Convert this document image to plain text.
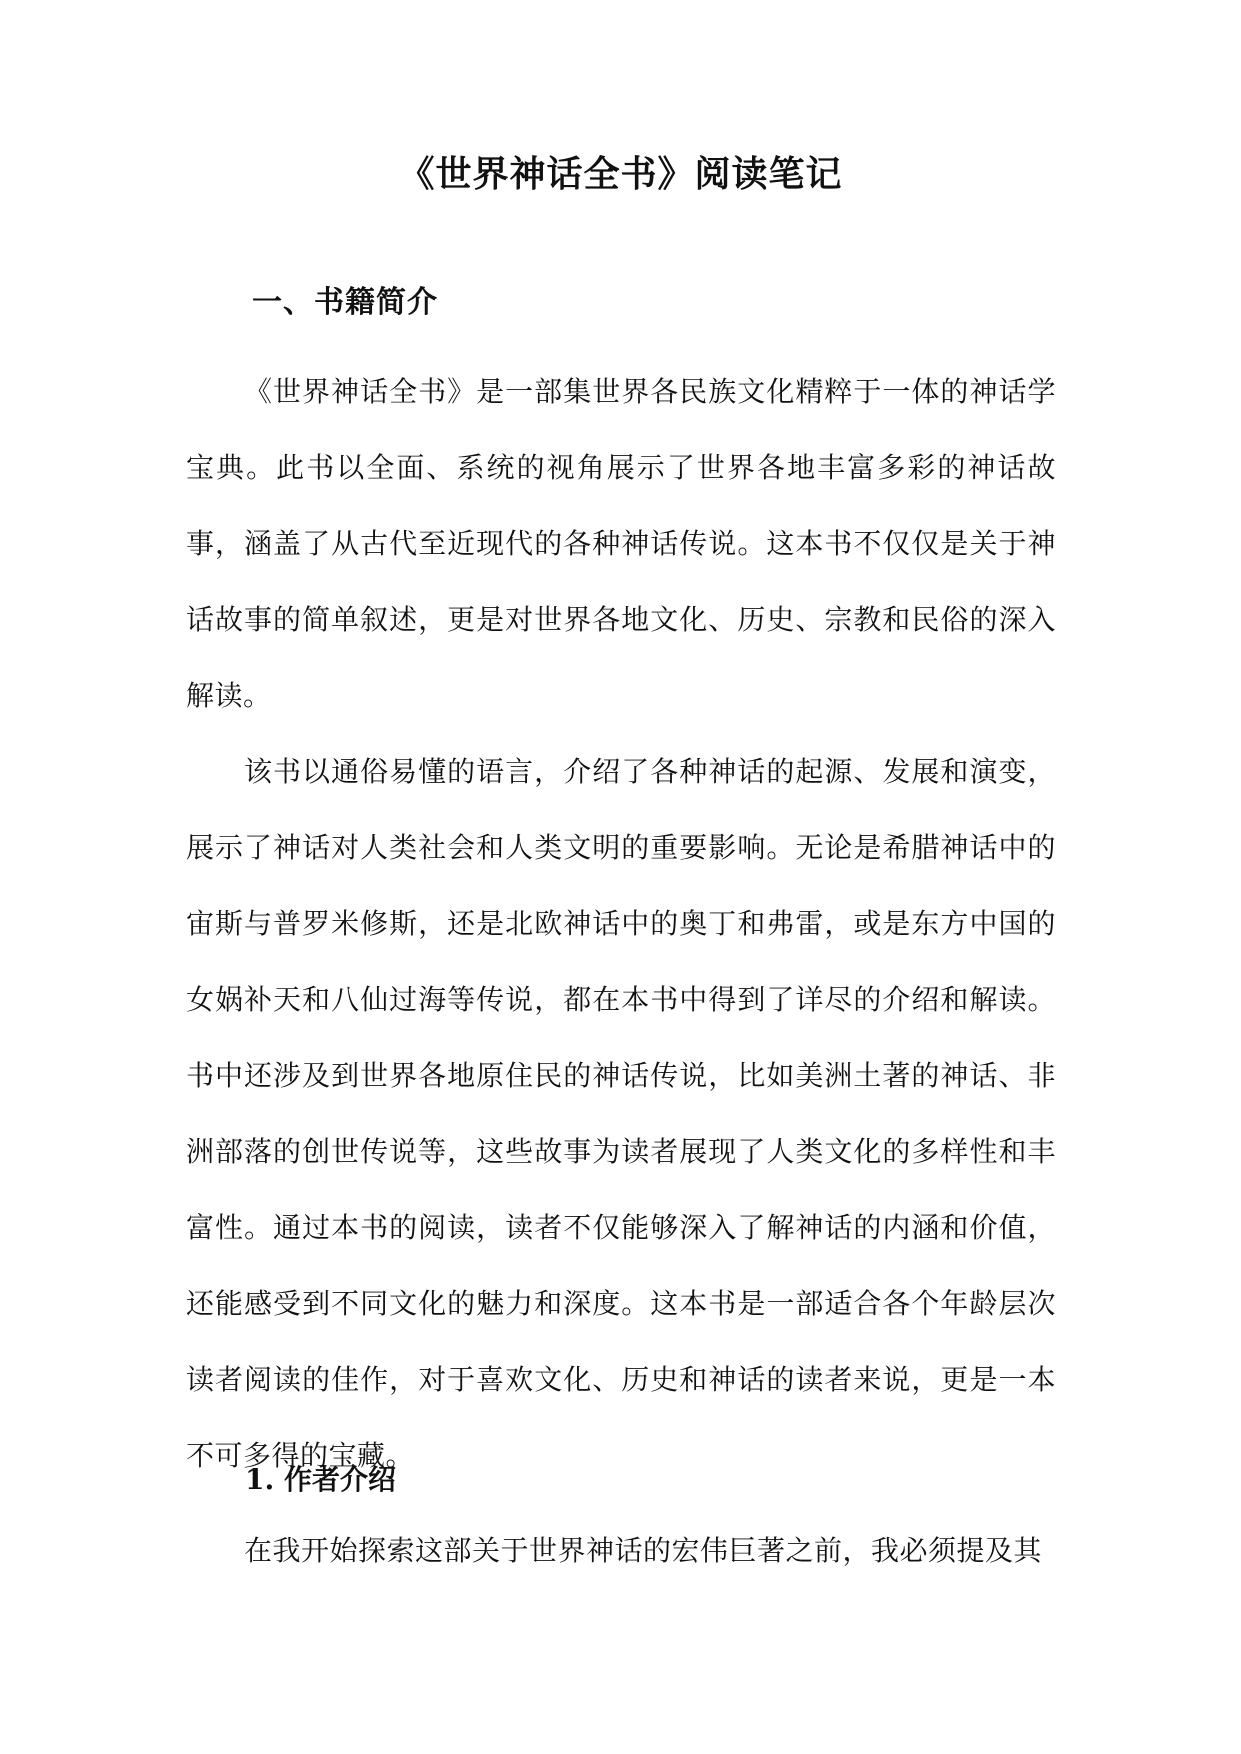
《世界神话全书》阅读笔记
一、书籍简介

《世界神话全书》是一部集世界各民族文化精粹于一体的神话学宝典。此书以全面、系统的视角展示了世界各地丰富多彩的神话故事，涵盖了从古代至近现代的各种神话传说。这本书不仅仅是关于神话故事的简单叙述，更是对世界各地文化、历史、宗教和民俗的深入解读。

该书以通俗易懂的语言，介绍了各种神话的起源、发展和演变，展示了神话对人类社会和人类文明的重要影响。无论是希腊神话中的宙斯与普罗米修斯，还是北欧神话中的奥丁和弗雷，或是东方中国的女娲补天和八仙过海等传说，都在本书中得到了详尽的介绍和解读。书中还涉及到世界各地原住民的神话传说，比如美洲土著的神话、非洲部落的创世传说等，这些故事为读者展现了人类文化的多样性和丰富性。通过本书的阅读，读者不仅能够深入了解神话的内涵和价值，还能感受到不同文化的魅力和深度。这本书是一部适合各个年龄层次读者阅读的佳作，对于喜欢文化、历史和神话的读者来说，更是一本不可多得的宝藏。

1. 作者介绍

在我开始探索这部关于世界神话的宏伟巨著之前，我必须提及其
